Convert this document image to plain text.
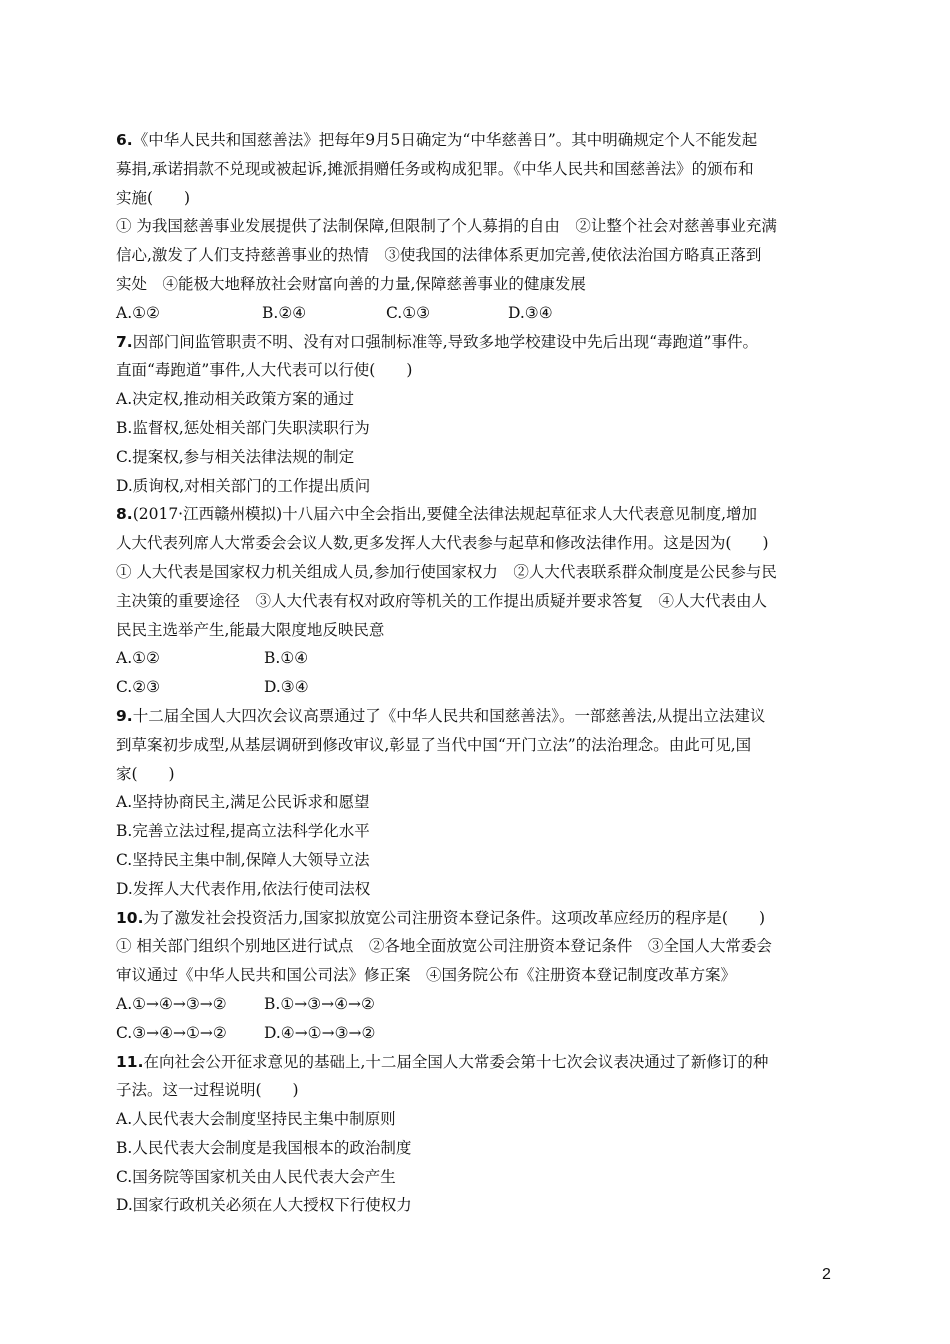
6.《中华人民共和国慈善法》把每年9月5日确定为“中华慈善日”。其中明确规定个人不能发起
募捐,承诺捐款不兑现或被起诉,摊派捐赠任务或构成犯罪。《中华人民共和国慈善法》的颁布和
实施(　　)
① 为我国慈善事业发展提供了法制保障,但限制了个人募捐的自由　②让整个社会对慈善事业充满
信心,激发了人们支持慈善事业的热情　③使我国的法律体系更加完善,使依法治国方略真正落到
实处　④能极大地释放社会财富向善的力量,保障慈善事业的健康发展
A.①②	B.②④	C.①③	D.③④
7.因部门间监管职责不明、没有对口强制标准等,导致多地学校建设中先后出现“毒跑道”事件。
直面“毒跑道”事件,人大代表可以行使(　　)
A.决定权,推动相关政策方案的通过
B.监督权,惩处相关部门失职渎职行为
C.提案权,参与相关法律法规的制定
D.质询权,对相关部门的工作提出质问
8.(2017·江西赣州模拟)十八届六中全会指出,要健全法律法规起草征求人大代表意见制度,增加
人大代表列席人大常委会会议人数,更多发挥人大代表参与起草和修改法律作用。这是因为(　　)
① 人大代表是国家权力机关组成人员,参加行使国家权力　②人大代表联系群众制度是公民参与民
主决策的重要途径　③人大代表有权对政府等机关的工作提出质疑并要求答复　④人大代表由人
民民主选举产生,能最大限度地反映民意
A.①②	B.①④
C.②③	D.③④
9.十二届全国人大四次会议高票通过了《中华人民共和国慈善法》。一部慈善法,从提出立法建议
到草案初步成型,从基层调研到修改审议,彰显了当代中国“开门立法”的法治理念。由此可见,国
家(　　)
A.坚持协商民主,满足公民诉求和愿望
B.完善立法过程,提高立法科学化水平
C.坚持民主集中制,保障人大领导立法
D.发挥人大代表作用,依法行使司法权
10.为了激发社会投资活力,国家拟放宽公司注册资本登记条件。这项改革应经历的程序是(　　)
① 相关部门组织个别地区进行试点　②各地全面放宽公司注册资本登记条件　③全国人大常委会
审议通过《中华人民共和国公司法》修正案　④国务院公布《注册资本登记制度改革方案》
A.①→④→③→② B.①→③→④→②
C.③→④→①→② D.④→①→③→②
11.在向社会公开征求意见的基础上,十二届全国人大常委会第十七次会议表决通过了新修订的种
子法。这一过程说明(　　)
A.人民代表大会制度坚持民主集中制原则
B.人民代表大会制度是我国根本的政治制度
C.国务院等国家机关由人民代表大会产生
D.国家行政机关必须在人大授权下行使权力
2
